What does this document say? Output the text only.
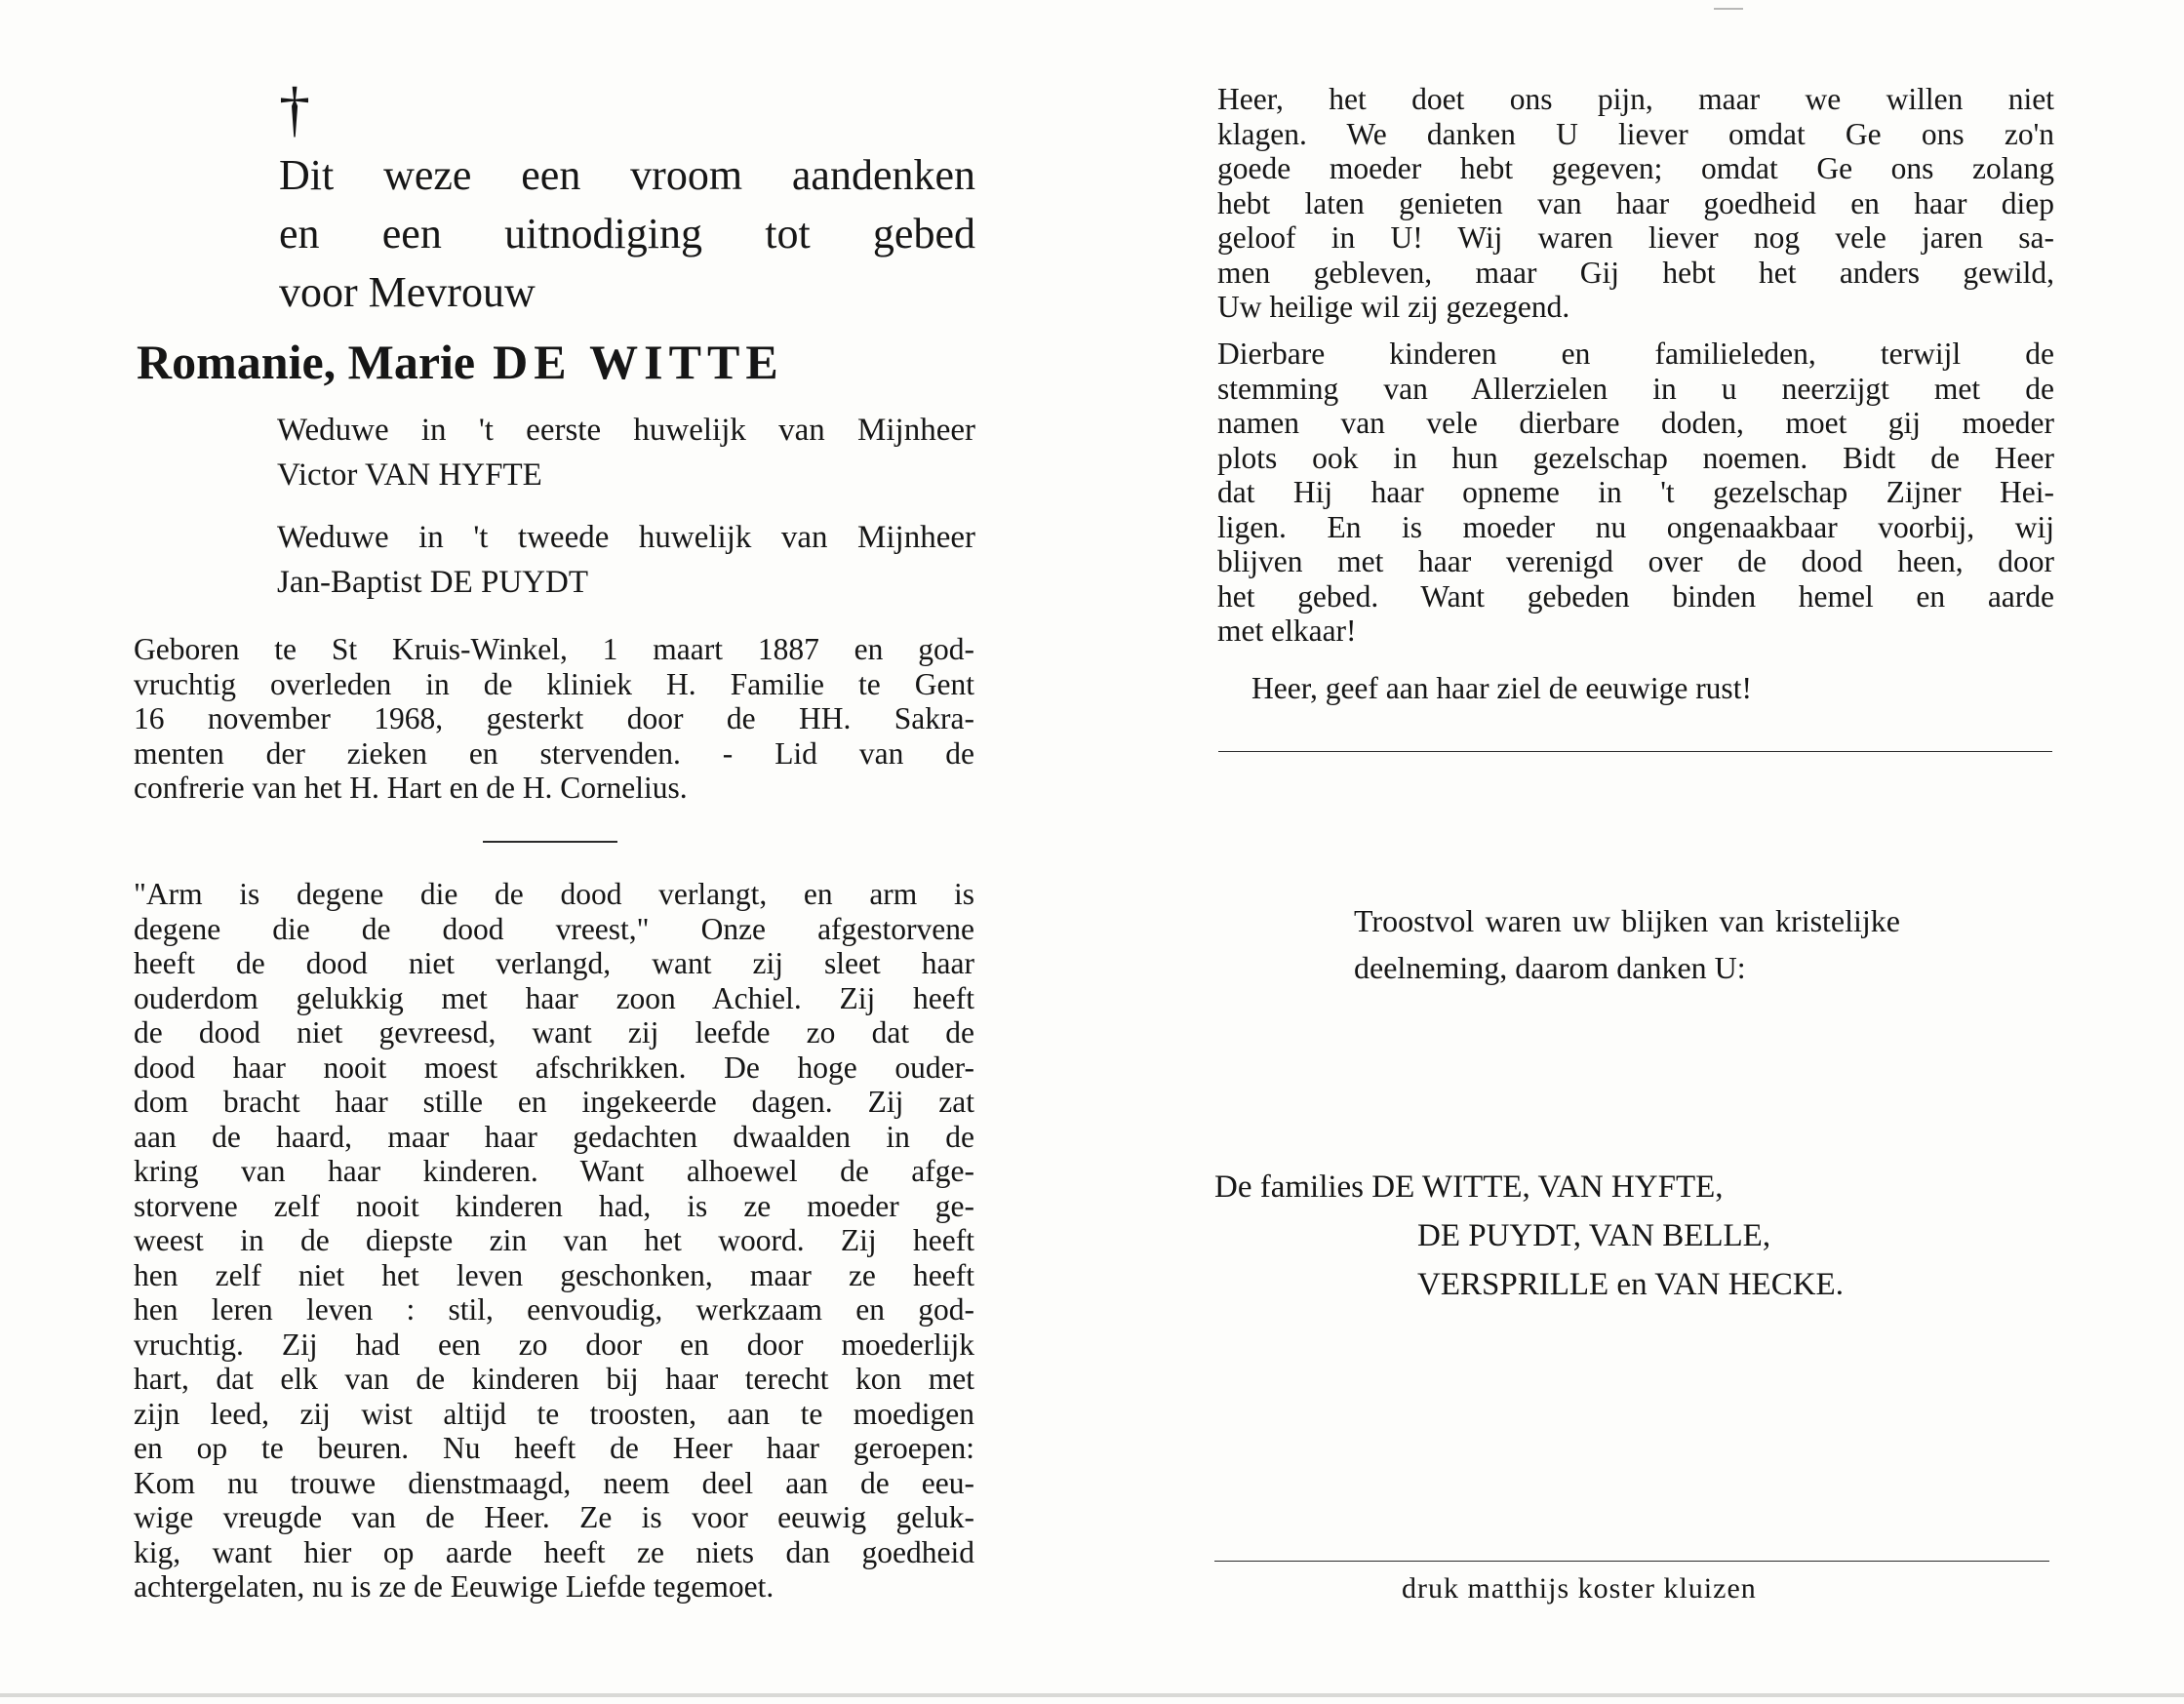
†
Dit weze een vroom aandenken
en een uitnodiging tot gebed
voor Mevrouw
Romanie, Marie DE WITTE
Weduwe in 't eerste huwelijk van Mijnheer
Victor VAN HYFTE
Weduwe in 't tweede huwelijk van Mijnheer
Jan-Baptist DE PUYDT
Geboren te St Kruis-Winkel, 1 maart 1887 en god-
vruchtig overleden in de kliniek H. Familie te Gent
16 november 1968, gesterkt door de HH. Sakra-
menten der zieken en stervenden. - Lid van de
confrerie van het H. Hart en de H. Cornelius.
"Arm is degene die de dood verlangt, en arm is
degene die de dood vreest," Onze afgestorvene
heeft de dood niet verlangd, want zij sleet haar
ouderdom gelukkig met haar zoon Achiel. Zij heeft
de dood niet gevreesd, want zij leefde zo dat de
dood haar nooit moest afschrikken. De hoge ouder-
dom bracht haar stille en ingekeerde dagen. Zij zat
aan de haard, maar haar gedachten dwaalden in de
kring van haar kinderen. Want alhoewel de afge-
storvene zelf nooit kinderen had, is ze moeder ge-
weest in de diepste zin van het woord. Zij heeft
hen zelf niet het leven geschonken, maar ze heeft
hen leren leven : stil, eenvoudig, werkzaam en god-
vruchtig. Zij had een zo door en door moederlijk
hart, dat elk van de kinderen bij haar terecht kon met
zijn leed, zij wist altijd te troosten, aan te moedigen
en op te beuren. Nu heeft de Heer haar geroepen:
Kom nu trouwe dienstmaagd, neem deel aan de eeu-
wige vreugde van de Heer. Ze is voor eeuwig geluk-
kig, want hier op aarde heeft ze niets dan goedheid
achtergelaten, nu is ze de Eeuwige Liefde tegemoet.
Heer, het doet ons pijn, maar we willen niet
klagen. We danken U liever omdat Ge ons zo'n
goede moeder hebt gegeven; omdat Ge ons zolang
hebt laten genieten van haar goedheid en haar diep
geloof in U! Wij waren liever nog vele jaren sa-
men gebleven, maar Gij hebt het anders gewild,
Uw heilige wil zij gezegend.
Dierbare kinderen en familieleden, terwijl de
stemming van Allerzielen in u neerzijgt met de
namen van vele dierbare doden, moet gij moeder
plots ook in hun gezelschap noemen. Bidt de Heer
dat Hij haar opneme in 't gezelschap Zijner Hei-
ligen. En is moeder nu ongenaakbaar voorbij, wij
blijven met haar verenigd over de dood heen, door
het gebed. Want gebeden binden hemel en aarde
met elkaar!
Heer, geef aan haar ziel de eeuwige rust!
Troostvol waren uw blijken van kristelijke
deelneming, daarom danken U:
De families DE WITTE, VAN HYFTE,
DE PUYDT, VAN BELLE,
VERSPRILLE en VAN HECKE.
druk matthijs koster kluizen
